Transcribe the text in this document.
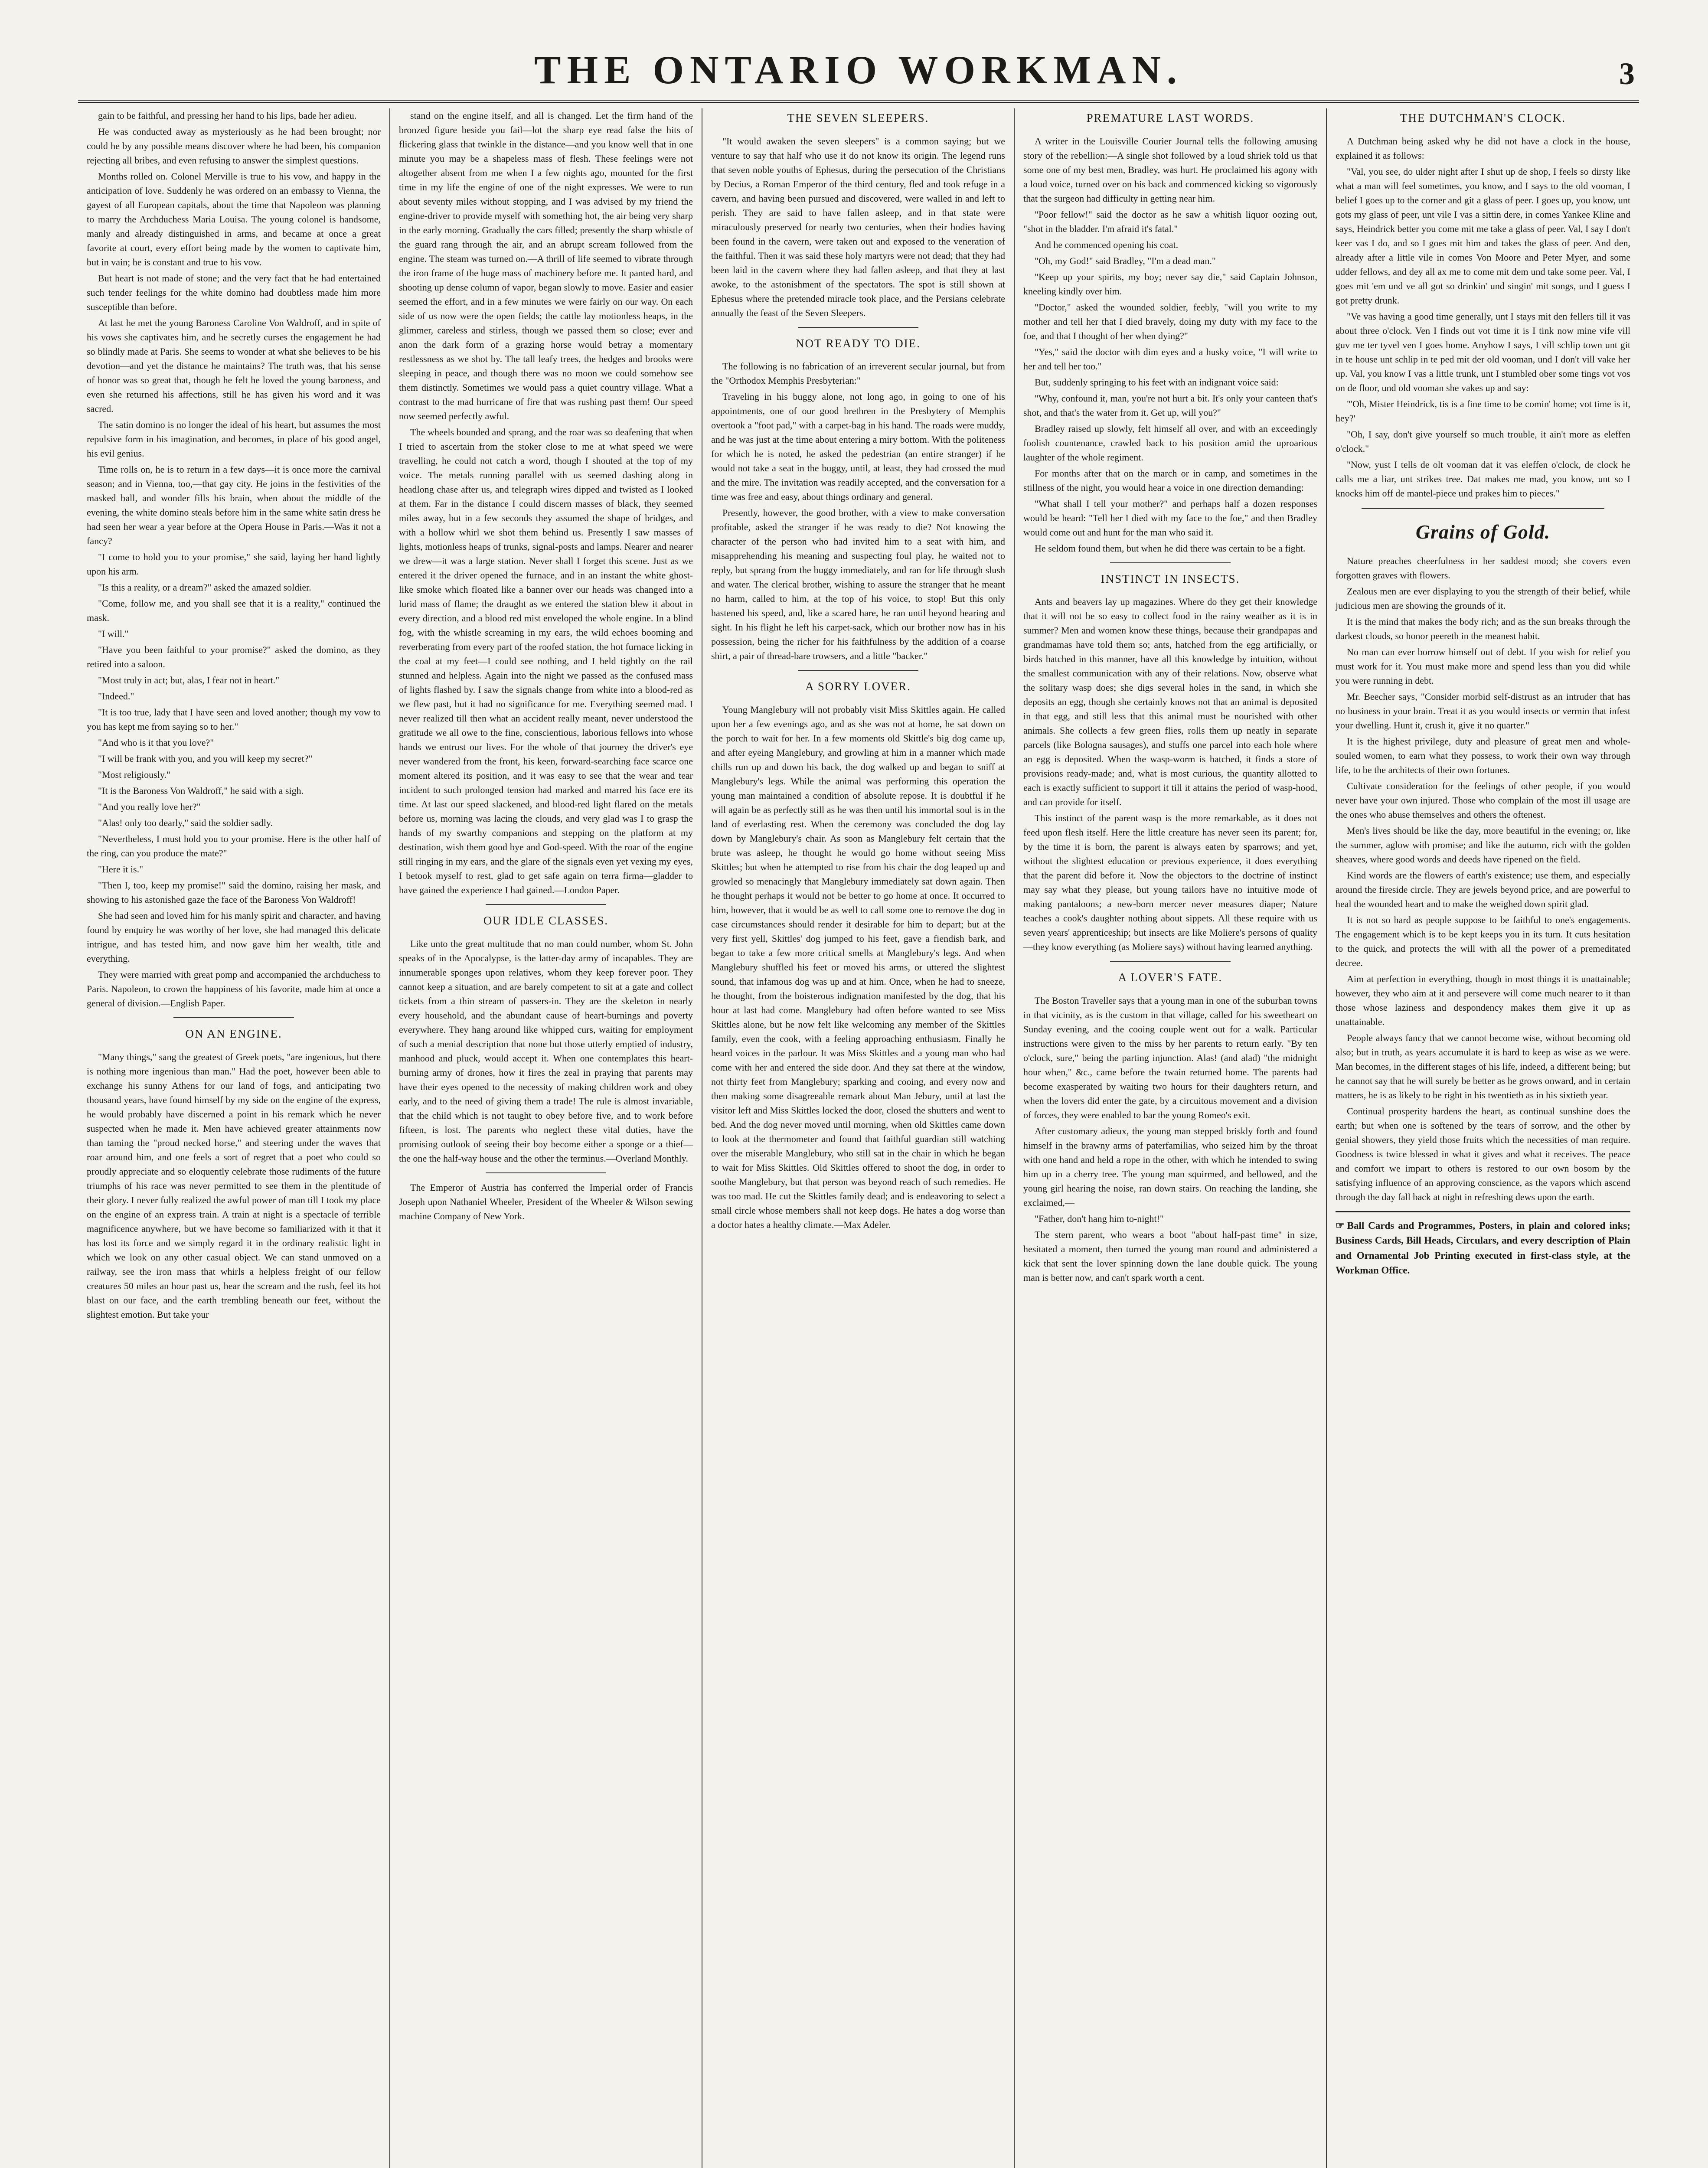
THE ONTARIO WORKMAN.	3

gain to be faithful, and pressing her hand to his lips, bade her adieu.

He was conducted away as mysteriously as he had been brought; nor could he by any possible means discover where he had been, his companion rejecting all bribes, and even refusing to answer the simplest questions.

Months rolled on. Colonel Merville is true to his vow, and happy in the anticipation of love. Suddenly he was ordered on an embassy to Vienna, the gayest of all European capitals, about the time that Napoleon was planning to marry the Archduchess Maria Louisa. The young colonel is handsome, manly and already distinguished in arms, and became at once a great favorite at court, every effort being made by the women to captivate him, but in vain; he is constant and true to his vow.

But heart is not made of stone; and the very fact that he had entertained such tender feelings for the white domino had doubtless made him more susceptible than before.

At last he met the young Baroness Caroline Von Waldroff, and in spite of his vows she captivates him, and he secretly curses the engagement he had so blindly made at Paris. She seems to wonder at what she believes to be his devotion—and yet the distance he maintains? The truth was, that his sense of honor was so great that, though he felt he loved the young baroness, and even she returned his affections, still he has given his word and it was sacred.

The satin domino is no longer the ideal of his heart, but assumes the most repulsive form in his imagination, and becomes, in place of his good angel, his evil genius.

Time rolls on, he is to return in a few days—it is once more the carnival season; and in Vienna, too,—that gay city. He joins in the festivities of the masked ball, and wonder fills his brain, when about the middle of the evening, the white domino steals before him in the same white satin dress he had seen her wear a year before at the Opera House in Paris.—Was it not a fancy?

"I come to hold you to your promise," she said, laying her hand lightly upon his arm.

"Is this a reality, or a dream?" asked the amazed soldier.

"Come, follow me, and you shall see that it is a reality," continued the mask.

"I will."

"Have you been faithful to your promise?" asked the domino, as they retired into a saloon.

"Most truly in act; but, alas, I fear not in heart."

"Indeed."

"It is too true, lady that I have seen and loved another; though my vow to you has kept me from saying so to her."

"And who is it that you love?"

"I will be frank with you, and you will keep my secret?"

"Most religiously."

"It is the Baroness Von Waldroff," he said with a sigh.

"And you really love her?"

"Alas! only too dearly," said the soldier sadly.

"Nevertheless, I must hold you to your promise. Here is the other half of the ring, can you produce the mate?"

"Here it is."

"Then I, too, keep my promise!" said the domino, raising her mask, and showing to his astonished gaze the face of the Baroness Von Waldroff!

She had seen and loved him for his manly spirit and character, and having found by enquiry he was worthy of her love, she had managed this delicate intrigue, and has tested him, and now gave him her wealth, title and everything.

They were married with great pomp and accompanied the archduchess to Paris. Napoleon, to crown the happiness of his favorite, made him at once a general of division.—English Paper.

ON AN ENGINE.

"Many things," sang the greatest of Greek poets, "are ingenious, but there is nothing more ingenious than man." Had the poet, however been able to exchange his sunny Athens for our land of fogs, and anticipating two thousand years, have found himself by my side on the engine of the express, he would probably have discerned a point in his remark which he never suspected when he made it. Men have achieved greater attainments now than taming the "proud necked horse," and steering under the waves that roar around him, and one feels a sort of regret that a poet who could so proudly appreciate and so eloquently celebrate those rudiments of the future triumphs of his race was never permitted to see them in the plentitude of their glory. I never fully realized the awful power of man till I took my place on the engine of an express train. A train at night is a spectacle of terrible magnificence anywhere, but we have become so familiarized with it that it has lost its force and we simply regard it in the ordinary realistic light in which we look on any other casual object. We can stand unmoved on a railway, see the iron mass that whirls a helpless freight of our fellow creatures 50 miles an hour past us, hear the scream and the rush, feel its hot blast on our face, and the earth trembling beneath our feet, without the slightest emotion. But take your

stand on the engine itself, and all is changed. Let the firm hand of the bronzed figure beside you fail—lot the sharp eye read false the hits of flickering glass that twinkle in the distance—and you know well that in one minute you may be a shapeless mass of flesh. These feelings were not altogether absent from me when I a few nights ago, mounted for the first time in my life the engine of one of the night expresses. We were to run about seventy miles without stopping, and I was advised by my friend the engine-driver to provide myself with something hot, the air being very sharp in the early morning. Gradually the cars filled; presently the sharp whistle of the guard rang through the air, and an abrupt scream followed from the engine. The steam was turned on.—A thrill of life seemed to vibrate through the iron frame of the huge mass of machinery before me. It panted hard, and shooting up dense column of vapor, began slowly to move. Easier and easier seemed the effort, and in a few minutes we were fairly on our way. On each side of us now were the open fields; the cattle lay motionless heaps, in the glimmer, careless and stirless, though we passed them so close; ever and anon the dark form of a grazing horse would betray a momentary restlessness as we shot by. The tall leafy trees, the hedges and brooks were sleeping in peace, and though there was no moon we could somehow see them distinctly. Sometimes we would pass a quiet country village. What a contrast to the mad hurricane of fire that was rushing past them! Our speed now seemed perfectly awful.

The wheels bounded and sprang, and the roar was so deafening that when I tried to ascertain from the stoker close to me at what speed we were travelling, he could not catch a word, though I shouted at the top of my voice. The metals running parallel with us seemed dashing along in headlong chase after us, and telegraph wires dipped and twisted as I looked at them. Far in the distance I could discern masses of black, they seemed miles away, but in a few seconds they assumed the shape of bridges, and with a hollow whirl we shot them behind us. Presently I saw masses of lights, motionless heaps of trunks, signal-posts and lamps. Nearer and nearer we drew—it was a large station. Never shall I forget this scene. Just as we entered it the driver opened the furnace, and in an instant the white ghost-like smoke which floated like a banner over our heads was changed into a lurid mass of flame; the draught as we entered the station blew it about in every direction, and a blood red mist enveloped the whole engine. In a blind fog, with the whistle screaming in my ears, the wild echoes booming and reverberating from every part of the roofed station, the hot furnace licking in the coal at my feet—I could see nothing, and I held tightly on the rail stunned and helpless. Again into the night we passed as the confused mass of lights flashed by. I saw the signals change from white into a blood-red as we flew past, but it had no significance for me. Everything seemed mad. I never realized till then what an accident really meant, never understood the gratitude we all owe to the fine, conscientious, laborious fellows into whose hands we entrust our lives. For the whole of that journey the driver's eye never wandered from the front, his keen, forward-searching face scarce one moment altered its position, and it was easy to see that the wear and tear incident to such prolonged tension had marked and marred his face ere its time. At last our speed slackened, and blood-red light flared on the metals before us, morning was lacing the clouds, and very glad was I to grasp the hands of my swarthy companions and stepping on the platform at my destination, wish them good bye and God-speed. With the roar of the engine still ringing in my ears, and the glare of the signals even yet vexing my eyes, I betook myself to rest, glad to get safe again on terra firma—gladder to have gained the experience I had gained.—London Paper.

OUR IDLE CLASSES.

Like unto the great multitude that no man could number, whom St. John speaks of in the Apocalypse, is the latter-day army of incapables. They are innumerable sponges upon relatives, whom they keep forever poor. They cannot keep a situation, and are barely competent to sit at a gate and collect tickets from a thin stream of passers-in. They are the skeleton in nearly every household, and the abundant cause of heart-burnings and poverty everywhere. They hang around like whipped curs, waiting for employment of such a menial description that none but those utterly emptied of industry, manhood and pluck, would accept it. When one contemplates this heart-burning army of drones, how it fires the zeal in praying that parents may have their eyes opened to the necessity of making children work and obey early, and to the need of giving them a trade! The rule is almost invariable, that the child which is not taught to obey before five, and to work before fifteen, is lost. The parents who neglect these vital duties, have the promising outlook of seeing their boy become either a sponge or a thief—the one the half-way house and the other the terminus.—Overland Monthly.

The Emperor of Austria has conferred the Imperial order of Francis Joseph upon Nathaniel Wheeler, President of the Wheeler & Wilson sewing machine Company of New York.

THE SEVEN SLEEPERS.

"It would awaken the seven sleepers" is a common saying; but we venture to say that half who use it do not know its origin. The legend runs that seven noble youths of Ephesus, during the persecution of the Christians by Decius, a Roman Emperor of the third century, fled and took refuge in a cavern, and having been pursued and discovered, were walled in and left to perish. They are said to have fallen asleep, and in that state were miraculously preserved for nearly two centuries, when their bodies having been found in the cavern, were taken out and exposed to the veneration of the faithful. Then it was said these holy martyrs were not dead; that they had been laid in the cavern where they had fallen asleep, and that they at last awoke, to the astonishment of the spectators. The spot is still shown at Ephesus where the pretended miracle took place, and the Persians celebrate annually the feast of the Seven Sleepers.

NOT READY TO DIE.

The following is no fabrication of an irreverent secular journal, but from the "Orthodox Memphis Presbyterian:"

Traveling in his buggy alone, not long ago, in going to one of his appointments, one of our good brethren in the Presbytery of Memphis overtook a "foot pad," with a carpet-bag in his hand. The roads were muddy, and he was just at the time about entering a miry bottom. With the politeness for which he is noted, he asked the pedestrian (an entire stranger) if he would not take a seat in the buggy, until, at least, they had crossed the mud and the mire. The invitation was readily accepted, and the conversation for a time was free and easy, about things ordinary and general.

Presently, however, the good brother, with a view to make conversation profitable, asked the stranger if he was ready to die? Not knowing the character of the person who had invited him to a seat with him, and misapprehending his meaning and suspecting foul play, he waited not to reply, but sprang from the buggy immediately, and ran for life through slush and water. The clerical brother, wishing to assure the stranger that he meant no harm, called to him, at the top of his voice, to stop! But this only hastened his speed, and, like a scared hare, he ran until beyond hearing and sight. In his flight he left his carpet-sack, which our brother now has in his possession, being the richer for his faithfulness by the addition of a coarse shirt, a pair of thread-bare trowsers, and a little "backer."

A SORRY LOVER.

Young Manglebury will not probably visit Miss Skittles again. He called upon her a few evenings ago, and as she was not at home, he sat down on the porch to wait for her. In a few moments old Skittle's big dog came up, and after eyeing Manglebury, and growling at him in a manner which made chills run up and down his back, the dog walked up and began to sniff at Manglebury's legs. While the animal was performing this operation the young man maintained a condition of absolute repose. It is doubtful if he will again be as perfectly still as he was then until his immortal soul is in the land of everlasting rest. When the ceremony was concluded the dog lay down by Manglebury's chair. As soon as Manglebury felt certain that the brute was asleep, he thought he would go home without seeing Miss Skittles; but when he attempted to rise from his chair the dog leaped up and growled so menacingly that Manglebury immediately sat down again. Then he thought perhaps it would not be better to go home at once. It occurred to him, however, that it would be as well to call some one to remove the dog in case circumstances should render it desirable for him to depart; but at the very first yell, Skittles' dog jumped to his feet, gave a fiendish bark, and began to take a few more critical smells at Manglebury's legs. And when Manglebury shuffled his feet or moved his arms, or uttered the slightest sound, that infamous dog was up and at him. Once, when he had to sneeze, he thought, from the boisterous indignation manifested by the dog, that his hour at last had come. Manglebury had often before wanted to see Miss Skittles alone, but he now felt like welcoming any member of the Skittles family, even the cook, with a feeling approaching enthusiasm. Finally he heard voices in the parlour. It was Miss Skittles and a young man who had come with her and entered the side door. And they sat there at the window, not thirty feet from Manglebury; sparking and cooing, and every now and then making some disagreeable remark about Man Jebury, until at last the visitor left and Miss Skittles locked the door, closed the shutters and went to bed. And the dog never moved until morning, when old Skittles came down to look at the thermometer and found that faithful guardian still watching over the miserable Manglebury, who still sat in the chair in which he began to wait for Miss Skittles. Old Skittles offered to shoot the dog, in order to soothe Manglebury, but that person was beyond reach of such remedies. He was too mad. He cut the Skittles family dead; and is endeavoring to select a small circle whose members shall not keep dogs. He hates a dog worse than a doctor hates a healthy climate.—Max Adeler.

PREMATURE LAST WORDS.

A writer in the Louisville Courier Journal tells the following amusing story of the rebellion:—A single shot followed by a loud shriek told us that some one of my best men, Bradley, was hurt. He proclaimed his agony with a loud voice, turned over on his back and commenced kicking so vigorously that the surgeon had difficulty in getting near him.

"Poor fellow!" said the doctor as he saw a whitish liquor oozing out, "shot in the bladder. I'm afraid it's fatal."

And he commenced opening his coat.

"Oh, my God!" said Bradley, "I'm a dead man."

"Keep up your spirits, my boy; never say die," said Captain Johnson, kneeling kindly over him.

"Doctor," asked the wounded soldier, feebly, "will you write to my mother and tell her that I died bravely, doing my duty with my face to the foe, and that I thought of her when dying?"

"Yes," said the doctor with dim eyes and a husky voice, "I will write to her and tell her too."

But, suddenly springing to his feet with an indignant voice said:

"Why, confound it, man, you're not hurt a bit. It's only your canteen that's shot, and that's the water from it. Get up, will you?"

Bradley raised up slowly, felt himself all over, and with an exceedingly foolish countenance, crawled back to his position amid the uproarious laughter of the whole regiment.

For months after that on the march or in camp, and sometimes in the stillness of the night, you would hear a voice in one direction demanding:

"What shall I tell your mother?" and perhaps half a dozen responses would be heard: "Tell her I died with my face to the foe," and then Bradley would come out and hunt for the man who said it.

He seldom found them, but when he did there was certain to be a fight.

INSTINCT IN INSECTS.

Ants and beavers lay up magazines. Where do they get their knowledge that it will not be so easy to collect food in the rainy weather as it is in summer? Men and women know these things, because their grandpapas and grandmamas have told them so; ants, hatched from the egg artificially, or birds hatched in this manner, have all this knowledge by intuition, without the smallest communication with any of their relations. Now, observe what the solitary wasp does; she digs several holes in the sand, in which she deposits an egg, though she certainly knows not that an animal is deposited in that egg, and still less that this animal must be nourished with other animals. She collects a few green flies, rolls them up neatly in separate parcels (like Bologna sausages), and stuffs one parcel into each hole where an egg is deposited. When the wasp-worm is hatched, it finds a store of provisions ready-made; and, what is most curious, the quantity allotted to each is exactly sufficient to support it till it attains the period of wasp-hood, and can provide for itself.

This instinct of the parent wasp is the more remarkable, as it does not feed upon flesh itself. Here the little creature has never seen its parent; for, by the time it is born, the parent is always eaten by sparrows; and yet, without the slightest education or previous experience, it does everything that the parent did before it. Now the objectors to the doctrine of instinct may say what they please, but young tailors have no intuitive mode of making pantaloons; a new-born mercer never measures diaper; Nature teaches a cook's daughter nothing about sippets. All these require with us seven years' apprenticeship; but insects are like Moliere's persons of quality—they know everything (as Moliere says) without having learned anything.

A LOVER'S FATE.

The Boston Traveller says that a young man in one of the suburban towns in that vicinity, as is the custom in that village, called for his sweetheart on Sunday evening, and the cooing couple went out for a walk. Particular instructions were given to the miss by her parents to return early. "By ten o'clock, sure," being the parting injunction. Alas! (and alad) "the midnight hour when," &c., came before the twain returned home. The parents had become exasperated by waiting two hours for their daughters return, and when the lovers did enter the gate, by a circuitous movement and a division of forces, they were enabled to bar the young Romeo's exit.

After customary adieux, the young man stepped briskly forth and found himself in the brawny arms of paterfamilias, who seized him by the throat with one hand and held a rope in the other, with which he intended to swing him up in a cherry tree. The young man squirmed, and bellowed, and the young girl hearing the noise, ran down stairs. On reaching the landing, she exclaimed,—

"Father, don't hang him to-night!"

The stern parent, who wears a boot "about half-past time" in size, hesitated a moment, then turned the young man round and administered a kick that sent the lover spinning down the lane double quick. The young man is better now, and can't spark worth a cent.

THE DUTCHMAN'S CLOCK.

A Dutchman being asked why he did not have a clock in the house, explained it as follows:

"Val, you see, do ulder night after I shut up de shop, I feels so dirsty like what a man will feel sometimes, you know, and I says to the old vooman, I belief I goes up to the corner and git a glass of peer. I goes up, you know, unt gots my glass of peer, unt vile I vas a sittin dere, in comes Yankee Kline and says, Heindrick better you come mit me take a glass of peer. Val, I say I don't keer vas I do, and so I goes mit him and takes the glass of peer. And den, already after a little vile in comes Von Moore and Peter Myer, and some udder fellows, and dey all ax me to come mit dem und take some peer. Val, I goes mit 'em und ve all got so drinkin' und singin' mit songs, und I guess I got pretty drunk.

"Ve vas having a good time generally, unt I stays mit den fellers till it vas about three o'clock. Ven I finds out vot time it is I tink now mine vife vill guv me ter tyvel ven I goes home. Anyhow I says, I vill schlip town unt git in te house unt schlip in te ped mit der old vooman, und I don't vill vake her up. Val, you know I vas a little trunk, unt I stumbled ober some tings vot vos on de floor, und old vooman she vakes up and say:

"'Oh, Mister Heindrick, tis is a fine time to be comin' home; vot time is it, hey?'

"Oh, I say, don't give yourself so much trouble, it ain't more as eleffen o'clock."

"Now, yust I tells de olt vooman dat it vas eleffen o'clock, de clock he calls me a liar, unt strikes tree. Dat makes me mad, you know, unt so I knocks him off de mantel-piece und prakes him to pieces."

Grains of Gold.

Nature preaches cheerfulness in her saddest mood; she covers even forgotten graves with flowers.

Zealous men are ever displaying to you the strength of their belief, while judicious men are showing the grounds of it.

It is the mind that makes the body rich; and as the sun breaks through the darkest clouds, so honor peereth in the meanest habit.

No man can ever borrow himself out of debt. If you wish for relief you must work for it. You must make more and spend less than you did while you were running in debt.

Mr. Beecher says, "Consider morbid self-distrust as an intruder that has no business in your brain. Treat it as you would insects or vermin that infest your dwelling. Hunt it, crush it, give it no quarter."

It is the highest privilege, duty and pleasure of great men and whole-souled women, to earn what they possess, to work their own way through life, to be the architects of their own fortunes.

Cultivate consideration for the feelings of other people, if you would never have your own injured. Those who complain of the most ill usage are the ones who abuse themselves and others the oftenest.

Men's lives should be like the day, more beautiful in the evening; or, like the summer, aglow with promise; and like the autumn, rich with the golden sheaves, where good words and deeds have ripened on the field.

Kind words are the flowers of earth's existence; use them, and especially around the fireside circle. They are jewels beyond price, and are powerful to heal the wounded heart and to make the weighed down spirit glad.

It is not so hard as people suppose to be faithful to one's engagements. The engagement which is to be kept keeps you in its turn. It cuts hesitation to the quick, and protects the will with all the power of a premeditated decree.

Aim at perfection in everything, though in most things it is unattainable; however, they who aim at it and persevere will come much nearer to it than those whose laziness and despondency makes them give it up as unattainable.

People always fancy that we cannot become wise, without becoming old also; but in truth, as years accumulate it is hard to keep as wise as we were. Man becomes, in the different stages of his life, indeed, a different being; but he cannot say that he will surely be better as he grows onward, and in certain matters, he is as likely to be right in his twentieth as in his sixtieth year.

Continual prosperity hardens the heart, as continual sunshine does the earth; but when one is softened by the tears of sorrow, and the other by genial showers, they yield those fruits which the necessities of man require. Goodness is twice blessed in what it gives and what it receives. The peace and comfort we impart to others is restored to our own bosom by the satisfying influence of an approving conscience, as the vapors which ascend through the day fall back at night in refreshing dews upon the earth.

☞ Ball Cards and Programmes, Posters, in plain and colored inks; Business Cards, Bill Heads, Circulars, and every description of Plain and Ornamental Job Printing executed in first-class style, at the Workman Office.
